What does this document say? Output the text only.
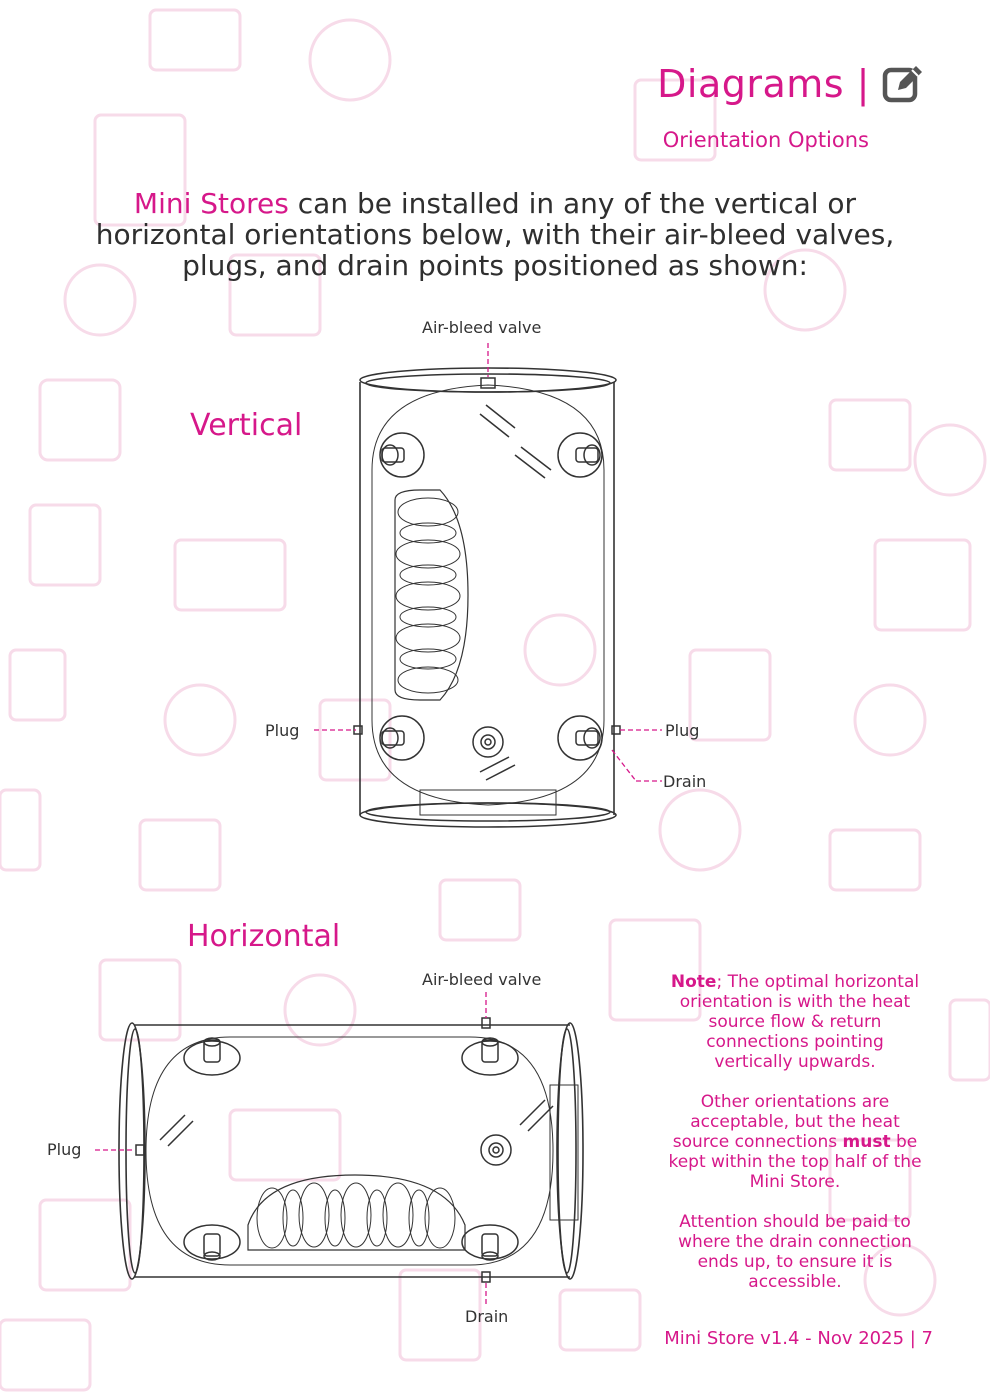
Diagrams |
Orientation Options
Mini Stores can be installed in any of the vertical or
horizontal orientations below, with their air-bleed valves,
plugs, and drain points positioned as shown:
Vertical
Air-bleed valve
Plug	Plug
Drain
Horizontal
Air-bleed valve
Plug
Drain

Note; The optimal horizontal orientation is with the heat source flow & return connections pointing vertically upwards.

Other orientations are acceptable, but the heat source connections must be kept within the top half of the Mini Store.

Attention should be paid to where the drain connection ends up, to ensure it is accessible.

Mini Store v1.4 - Nov 2025 | 7
